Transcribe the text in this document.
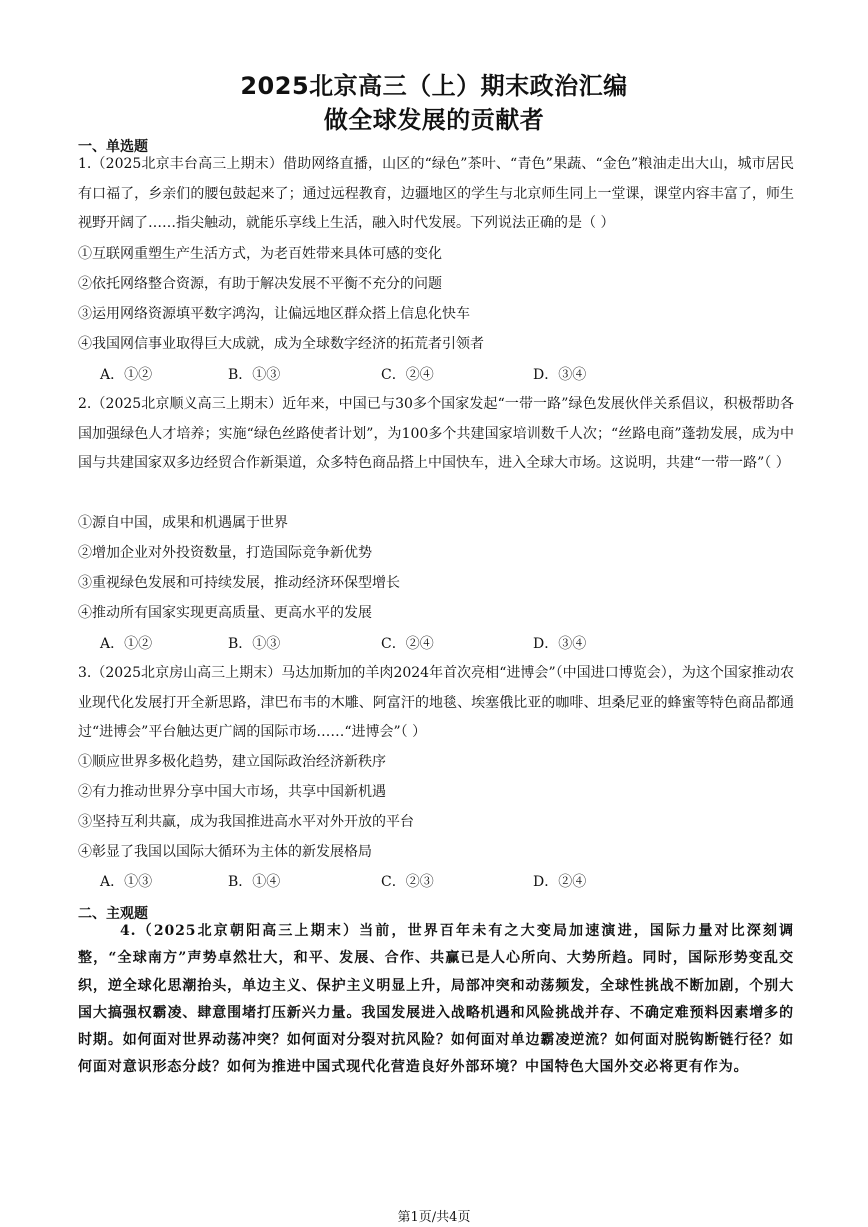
2025北京高三（上）期末政治汇编
做全球发展的贡献者
一、单选题
1.（2025北京丰台高三上期末）借助网络直播，山区的“绿色”茶叶、“青色”果蔬、“金色”粮油走出大山，城市居民有口福了，乡亲们的腰包鼓起来了；通过远程教育，边疆地区的学生与北京师生同上一堂课，课堂内容丰富了，师生视野开阔了……指尖触动，就能乐享线上生活，融入时代发展。下列说法正确的是（ ）
①互联网重塑生产生活方式，为老百姓带来具体可感的变化
②依托网络整合资源，有助于解决发展不平衡不充分的问题
③运用网络资源填平数字鸿沟，让偏远地区群众搭上信息化快车
④我国网信事业取得巨大成就，成为全球数字经济的拓荒者引领者
A．①②	B．①③	C．②④	D．③④
2.（2025北京顺义高三上期末）近年来，中国已与30多个国家发起“一带一路”绿色发展伙伴关系倡议，积极帮助各国加强绿色人才培养；实施“绿色丝路使者计划”，为100多个共建国家培训数千人次；“丝路电商”蓬勃发展，成为中国与共建国家双多边经贸合作新渠道，众多特色商品搭上中国快车，进入全球大市场。这说明，共建“一带一路”（ ）
①源自中国，成果和机遇属于世界
②增加企业对外投资数量，打造国际竞争新优势
③重视绿色发展和可持续发展，推动经济环保型增长
④推动所有国家实现更高质量、更高水平的发展
A．①②	B．①③	C．②④	D．③④
3.（2025北京房山高三上期末）马达加斯加的羊肉2024年首次亮相“进博会”（中国进口博览会），为这个国家推动农业现代化发展打开全新思路，津巴布韦的木雕、阿富汗的地毯、埃塞俄比亚的咖啡、坦桑尼亚的蜂蜜等特色商品都通过“进博会”平台触达更广阔的国际市场……“进博会”（ ）
①顺应世界多极化趋势，建立国际政治经济新秩序
②有力推动世界分享中国大市场，共享中国新机遇
③坚持互利共赢，成为我国推进高水平对外开放的平台
④彰显了我国以国际大循环为主体的新发展格局
A．①③	B．①④	C．②③	D．②④
二、主观题
4.（2025北京朝阳高三上期末）当前，世界百年未有之大变局加速演进，国际力量对比深刻调整，“全球南方”声势卓然壮大，和平、发展、合作、共赢已是人心所向、大势所趋。同时，国际形势变乱交织，逆全球化思潮抬头，单边主义、保护主义明显上升，局部冲突和动荡频发，全球性挑战不断加剧，个别大国大搞强权霸凌、肆意围堵打压新兴力量。我国发展进入战略机遇和风险挑战并存、不确定难预料因素增多的时期。如何面对世界动荡冲突？如何面对分裂对抗风险？如何面对单边霸凌逆流？如何面对脱钩断链行径？如何面对意识形态分歧？如何为推进中国式现代化营造良好外部环境？中国特色大国外交必将更有作为。
第1页/共4页
